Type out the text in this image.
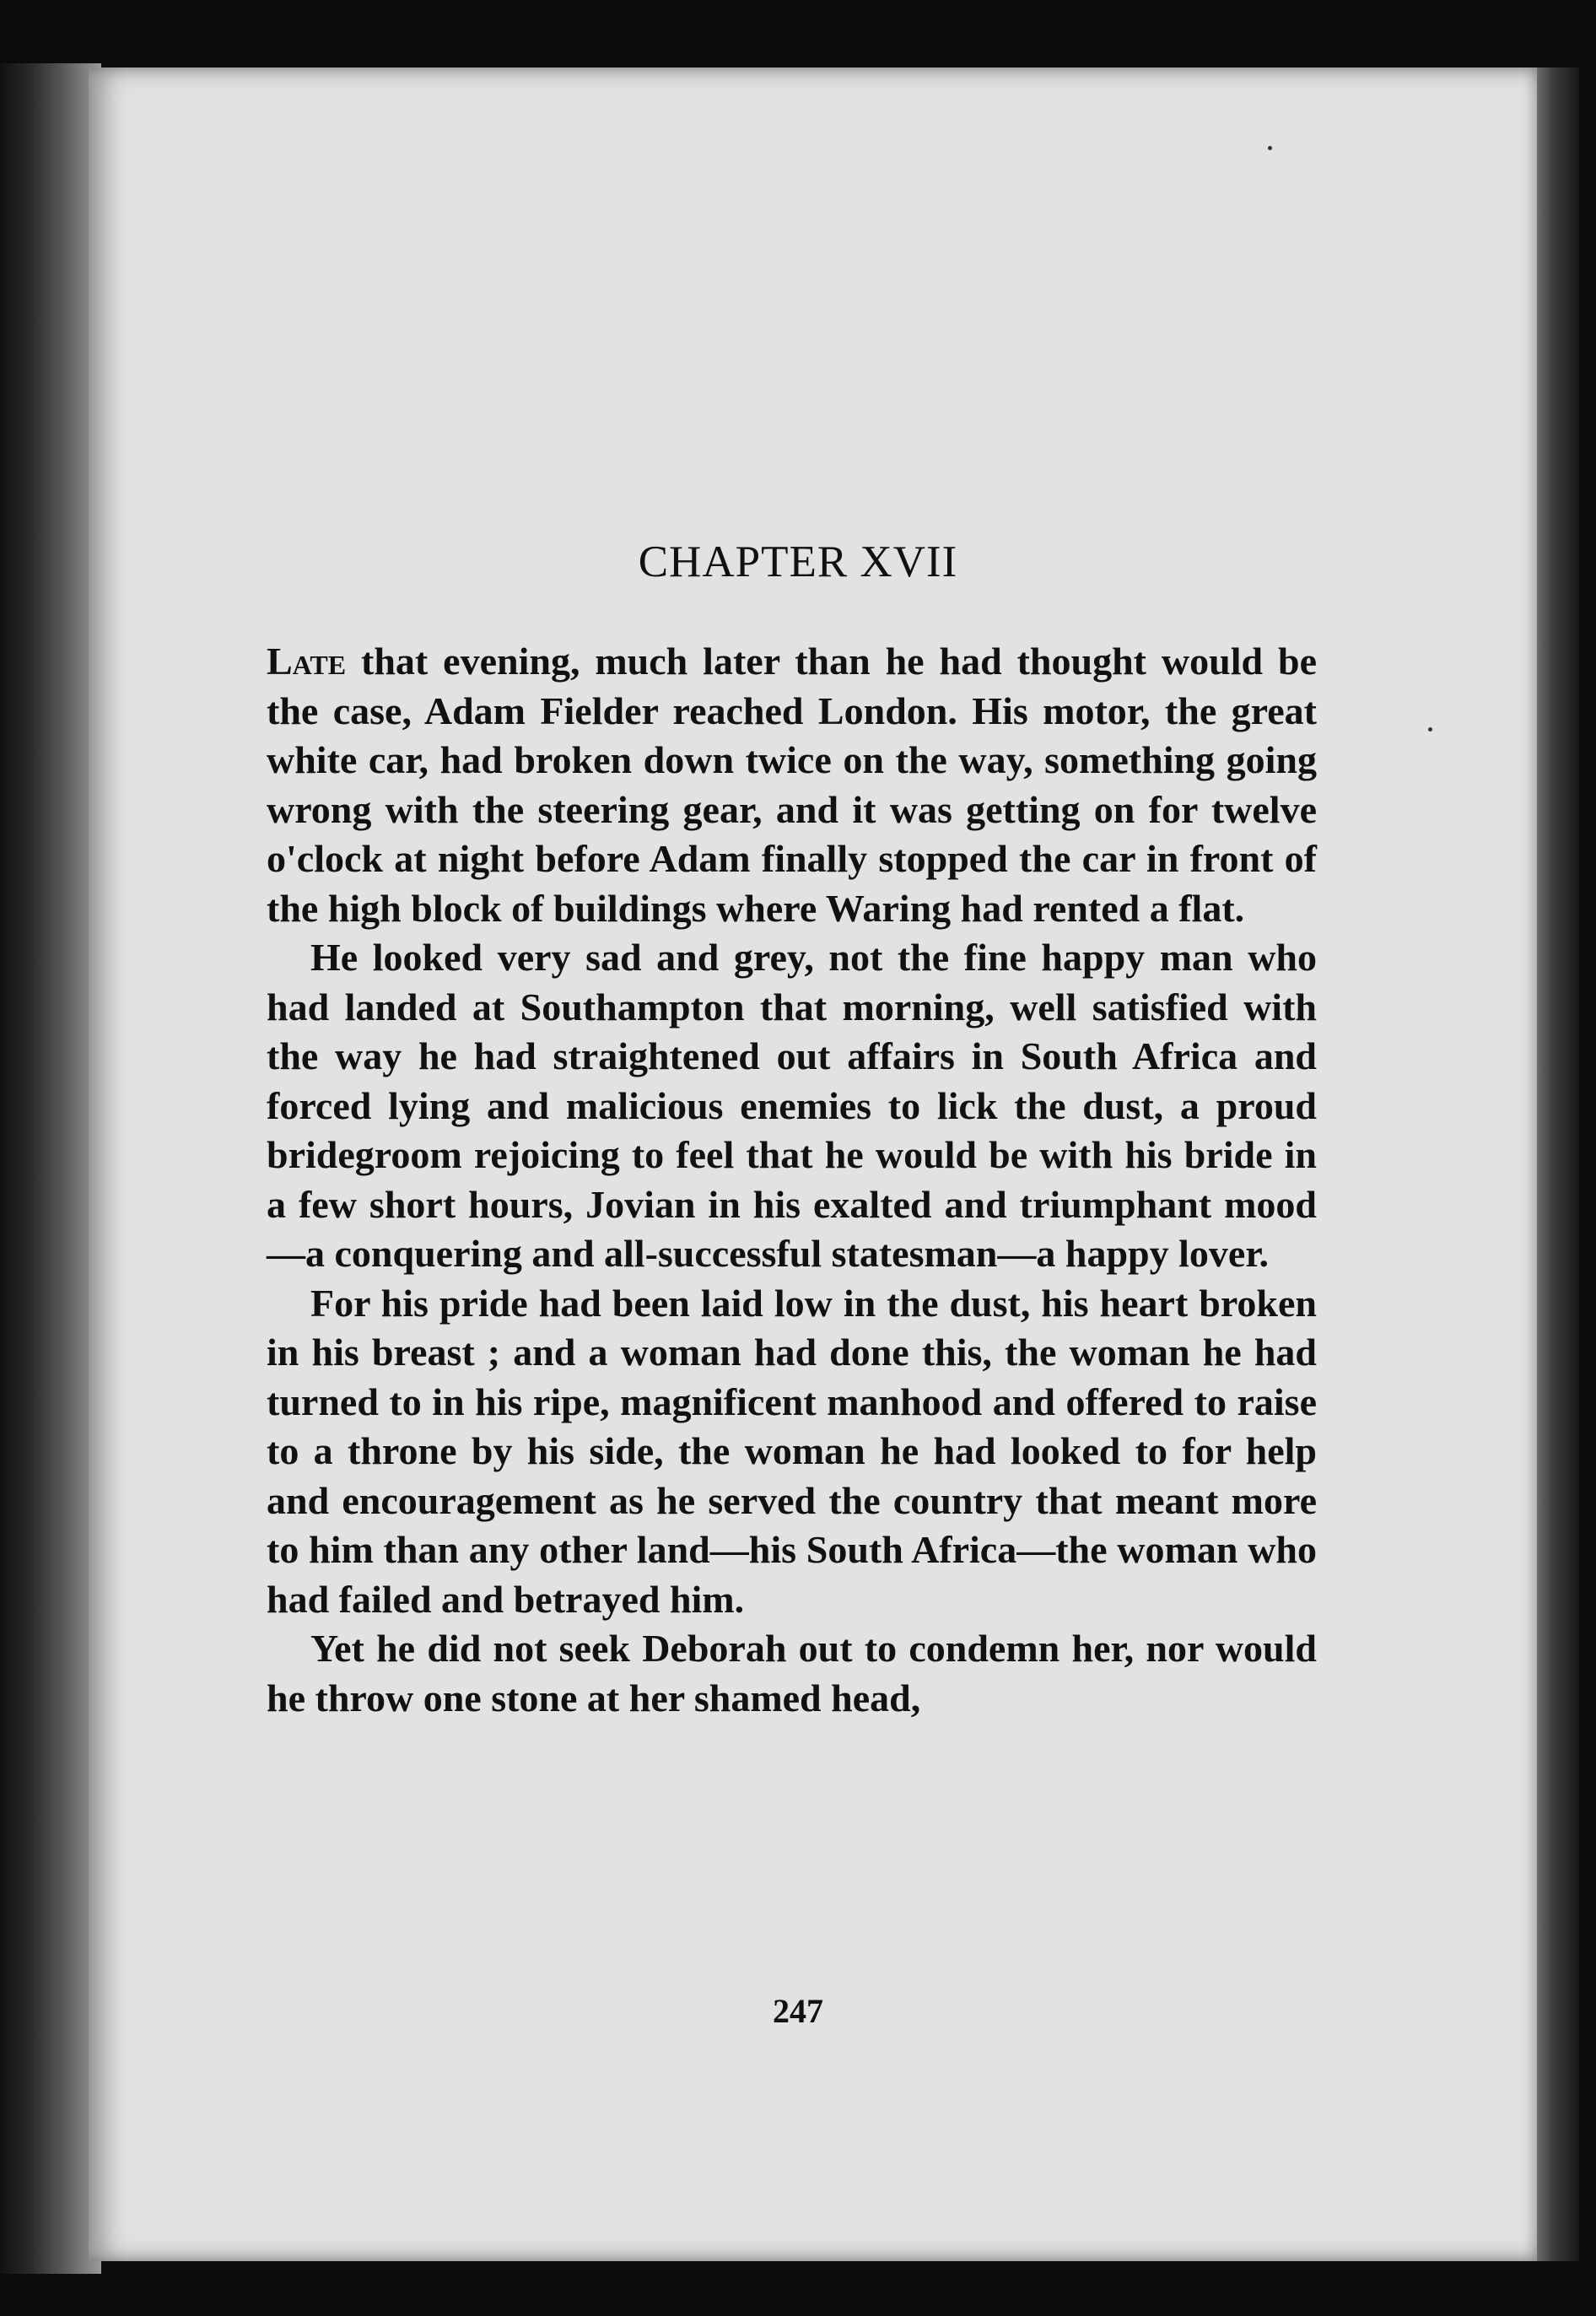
CHAPTER XVII

Late that evening, much later than he had thought would be the case, Adam Fielder reached London. His motor, the great white car, had broken down twice on the way, something going wrong with the steering gear, and it was getting on for twelve o'clock at night before Adam finally stopped the car in front of the high block of buildings where Waring had rented a flat.

He looked very sad and grey, not the fine happy man who had landed at Southampton that morning, well satisfied with the way he had straightened out affairs in South Africa and forced lying and malicious enemies to lick the dust, a proud bridegroom rejoicing to feel that he would be with his bride in a few short hours, Jovian in his exalted and triumphant mood—a conquering and all-successful statesman—a happy lover.

For his pride had been laid low in the dust, his heart broken in his breast ; and a woman had done this, the woman he had turned to in his ripe, magnificent manhood and offered to raise to a throne by his side, the woman he had looked to for help and encouragement as he served the country that meant more to him than any other land—his South Africa—the woman who had failed and betrayed him.

Yet he did not seek Deborah out to condemn her, nor would he throw one stone at her shamed head,

247
